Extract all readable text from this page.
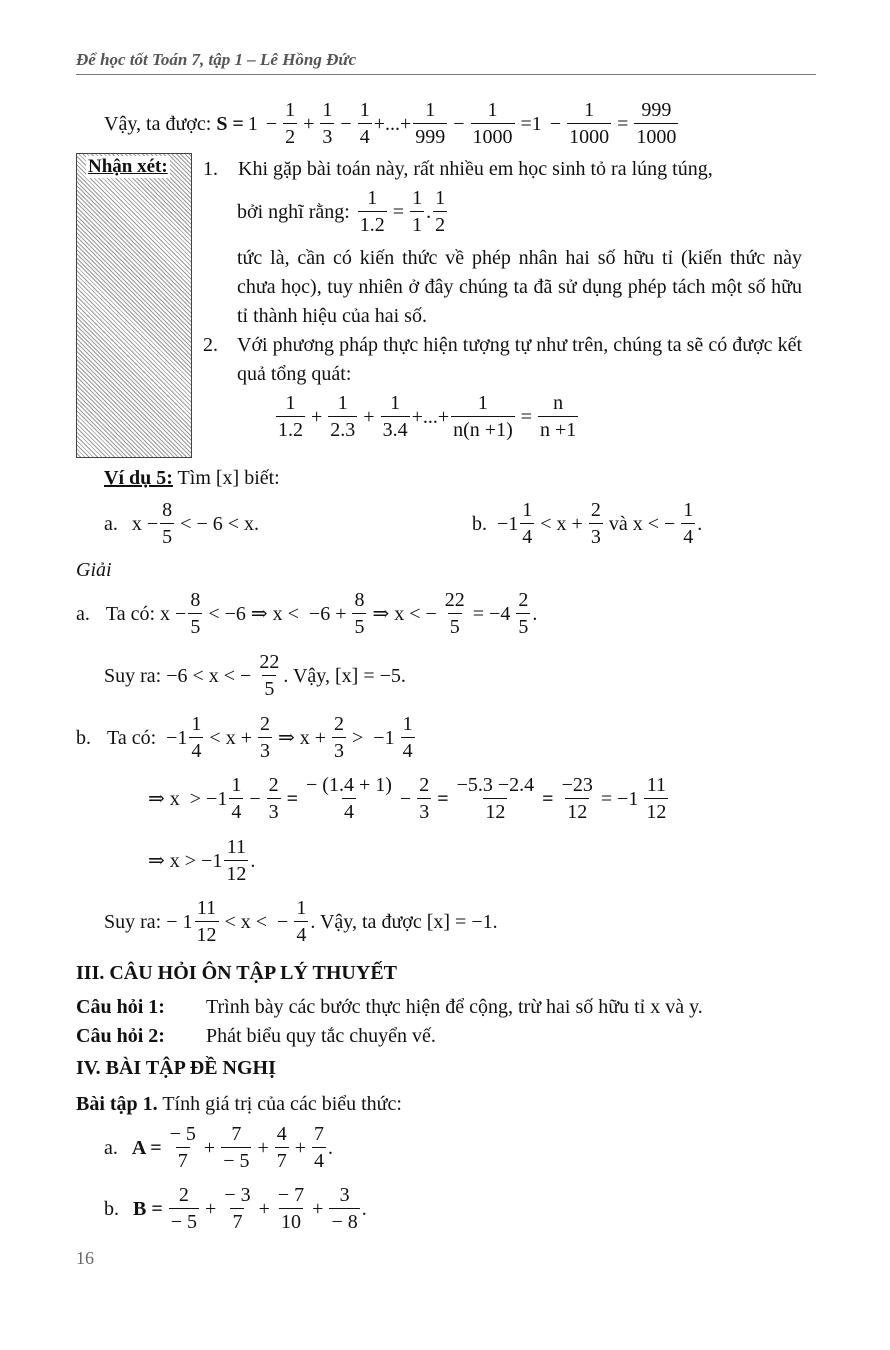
Để học tốt Toán 7, tập 1 – Lê Hồng Đức
Vậy, ta được: $S = 1 - \frac{1}{2} + \frac{1}{3} - \frac{1}{4}$ +...+ $\frac{1}{999} - \frac{1}{1000} =1 - \frac{1}{1000} = \frac{999}{1000}$
Nhận xét: 1. Khi gặp bài toán này, rất nhiều em học sinh tỏ ra lúng túng,
bởi nghĩ rằng: $\frac{1}{1.2} = \frac{1}{1}$ . $\frac{1}{2}$
tức là, cần có kiến thức về phép nhân hai số hữu tỉ (kiến thức này chưa học), tuy nhiên ở đây chúng ta đã sử dụng phép tách một số hữu tỉ thành hiệu của hai số.
2. Với phương pháp thực hiện tượng tự như trên, chúng ta sẽ có được kết quả tổng quát:
$\frac{1}{1.2} + \frac{1}{2.3} + \frac{1}{3.4}$ +...+ $\frac{1}{n(n +1)} = \frac{n}{n +1}$
Ví dụ 5: Tìm [x] biết:
a. $x - \frac{8}{5}$ < − 6 < x.	b. $-1 \frac{1}{4} < x + \frac{2}{3}$ và x < − $\frac{1}{4}$ .
Giải
a. Ta có: $x - \frac{8}{5} < -6$ ⇒ $x < -6 + \frac{8}{5}$ ⇒ x < − $\frac{22}{5} = -4 \frac{2}{5}$ .
Suy ra: −6 < x < − $\frac{22}{5}$ . Vậy, [x] = −5.
b. Ta có:  $-1 \frac{1}{4} < x + \frac{2}{3}$ ⇒ $x + \frac{2}{3} > -1 \frac{1}{4}$
⇒ $x > -1 \frac{1}{4} - \frac{2}{3} = \frac{- (1.4 + 1)}{4} - \frac{2}{3} = \frac{-5.3 -2.4}{12} = \frac{-23}{12} = -1 \frac{11}{12}$
⇒ $x > -1 \frac{11}{12}$ .
Suy ra: − $1 \frac{11}{12} < x$ <  − $\frac{1}{4}$ . Vậy, ta được [x] = −1.
III. CÂU HỎI ÔN TẬP LÝ THUYẾT
Câu hỏi 1: Trình bày các bước thực hiện để cộng, trừ hai số hữu tỉ x và y.
Câu hỏi 2: Phát biểu quy tắc chuyển vế.
IV. BÀI TẬP ĐỀ NGHỊ
Bài tập 1. Tính giá trị của các biểu thức:
a. $A = \frac{- 5}{7} + \frac{7}{- 5} + \frac{4}{7} + \frac{7}{4}$ .
b. $B = \frac{2}{- 5} + \frac{- 3}{7} + \frac{- 7}{10} + \frac{3}{- 8}$ .
16
